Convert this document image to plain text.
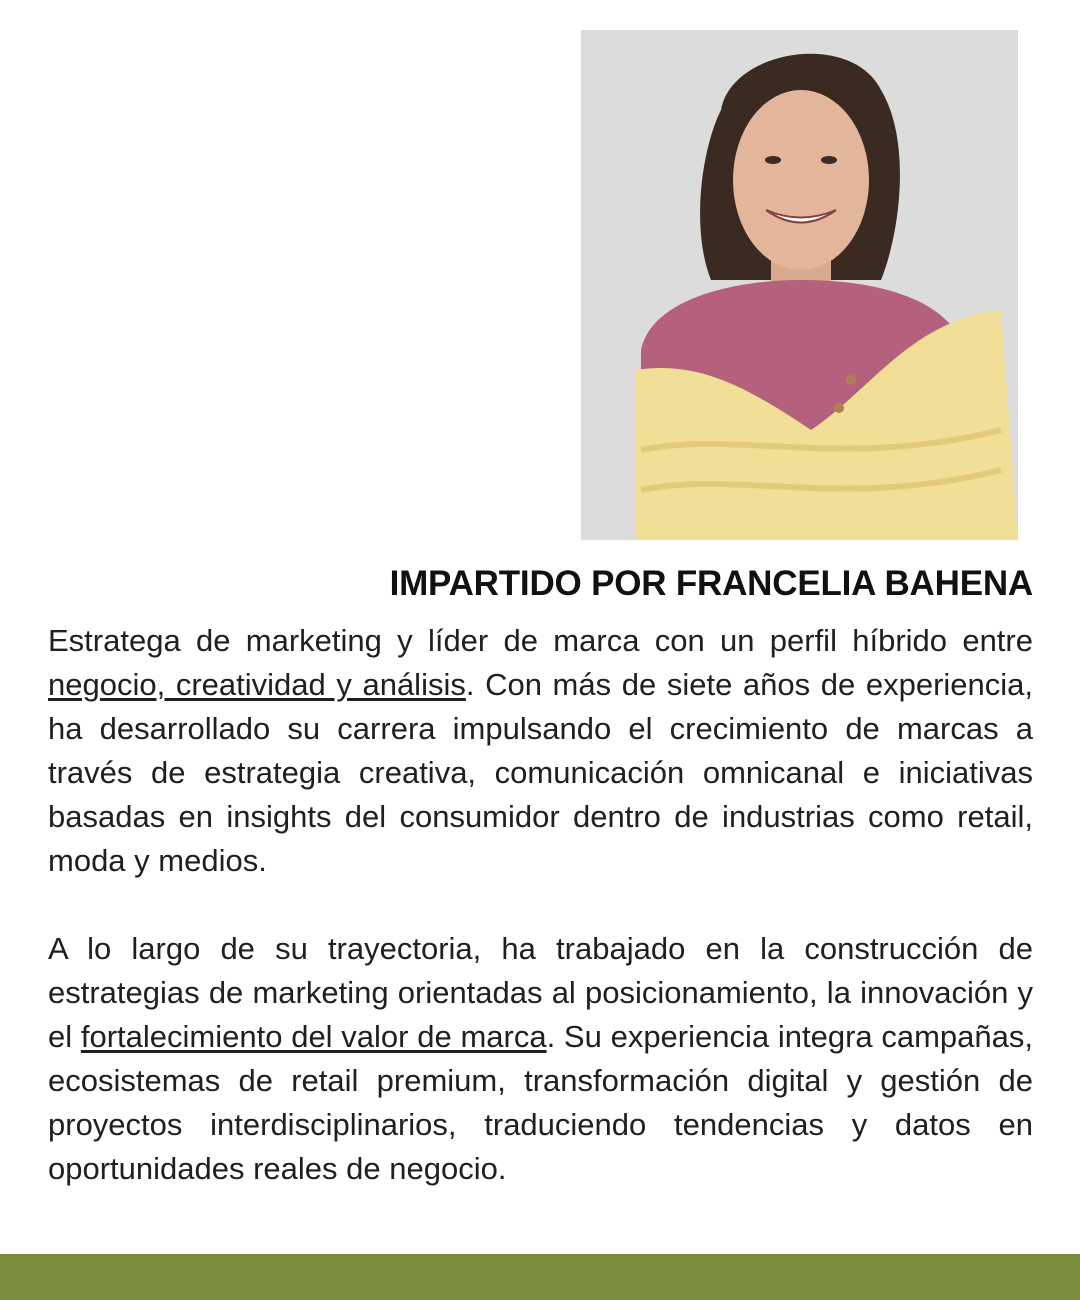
IMPARTIDO POR FRANCELIA BAHENA

Estratega de marketing y líder de marca con un perfil híbrido entre negocio, creatividad y análisis. Con más de siete años de experiencia, ha desarrollado su carrera impulsando el crecimiento de marcas a través de estrategia creativa, comunicación omnicanal e iniciativas basadas en insights del consumidor dentro de industrias como retail, moda y medios.

A lo largo de su trayectoria, ha trabajado en la construcción de estrategias de marketing orientadas al posicionamiento, la innovación y el fortalecimiento del valor de marca. Su experiencia integra campañas, ecosistemas de retail premium, transformación digital y gestión de proyectos interdisciplinarios, traduciendo tendencias y datos en oportunidades reales de negocio.
